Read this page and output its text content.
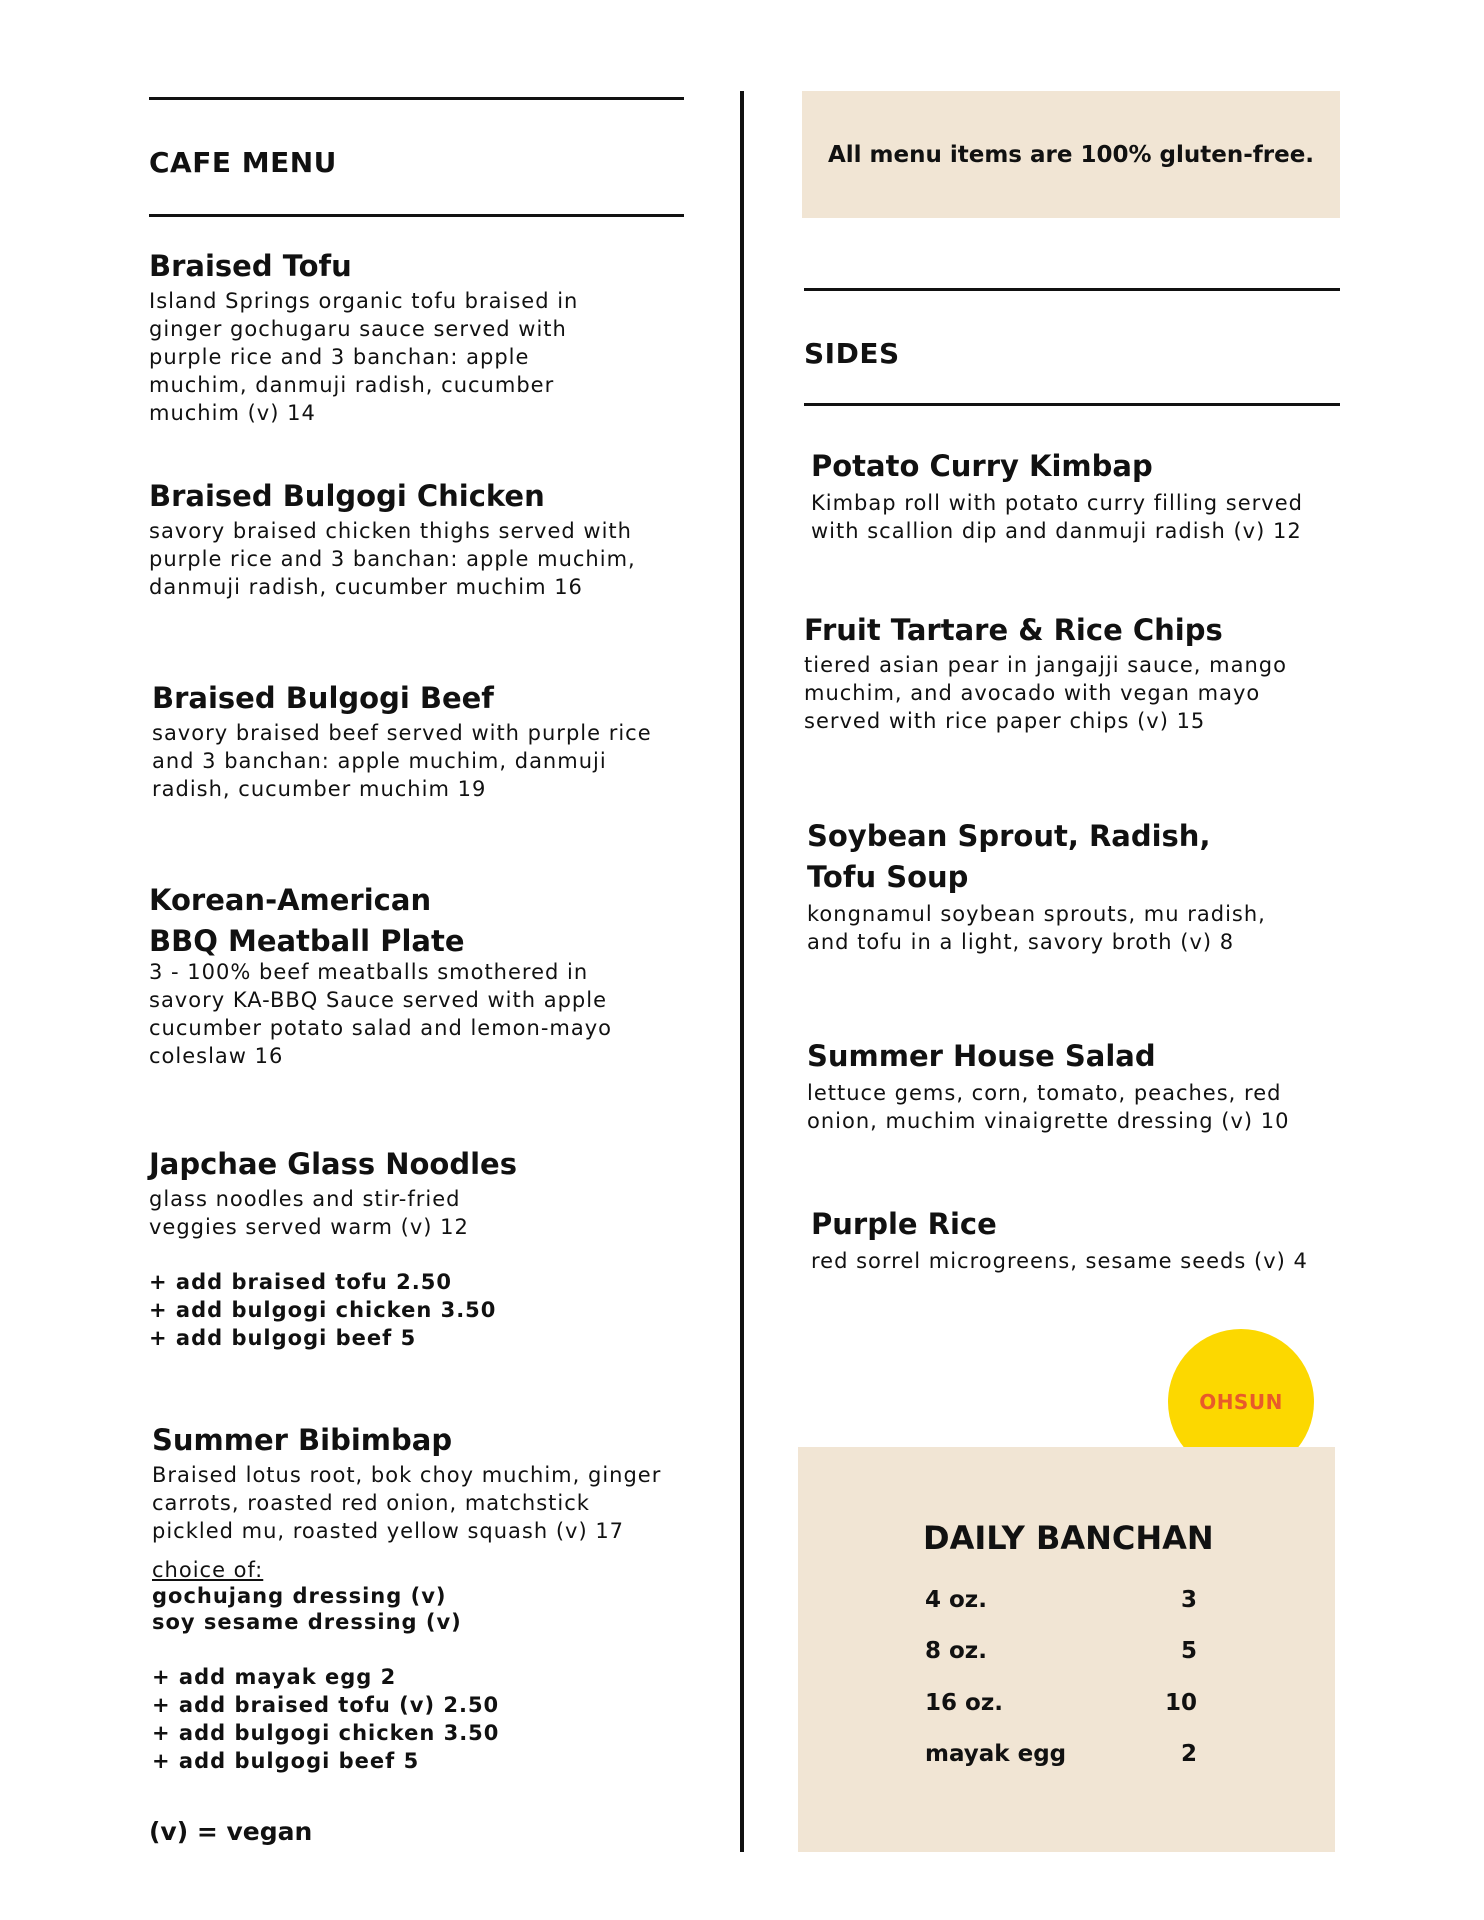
CAFE MENU
Braised Tofu
Island Springs organic tofu braised in
ginger gochugaru sauce served with
purple rice and 3 banchan: apple
muchim, danmuji radish, cucumber
muchim (v) 14
Braised Bulgogi Chicken
savory braised chicken thighs served with
purple rice and 3 banchan: apple muchim,
danmuji radish, cucumber muchim 16
Braised Bulgogi Beef
savory braised beef served with purple rice
and 3 banchan: apple muchim, danmuji
radish, cucumber muchim 19
Korean-American
BBQ Meatball Plate
3 - 100% beef meatballs smothered in
savory KA-BBQ Sauce served with apple
cucumber potato salad and lemon-mayo
coleslaw 16
Japchae Glass Noodles
glass noodles and stir-fried
veggies served warm (v) 12
+ add braised tofu 2.50
+ add bulgogi chicken 3.50
+ add bulgogi beef 5
Summer Bibimbap
Braised lotus root, bok choy muchim, ginger
carrots, roasted red onion, matchstick
pickled mu, roasted yellow squash (v) 17
choice of:
gochujang dressing (v)
soy sesame dressing (v)
+ add mayak egg 2
+ add braised tofu (v) 2.50
+ add bulgogi chicken 3.50
+ add bulgogi beef 5
(v) = vegan
All menu items are 100% gluten-free.
SIDES
Potato Curry Kimbap
Kimbap roll with potato curry filling served
with scallion dip and danmuji radish (v) 12
Fruit Tartare & Rice Chips
tiered asian pear in jangajji sauce, mango
muchim, and avocado with vegan mayo
served with rice paper chips (v) 15
Soybean Sprout, Radish,
Tofu Soup
kongnamul soybean sprouts, mu radish,
and tofu in a light, savory broth (v) 8
Summer House Salad
lettuce gems, corn, tomato, peaches, red
onion, muchim vinaigrette dressing (v) 10
Purple Rice
red sorrel microgreens, sesame seeds (v) 4
OHSUN
DAILY BANCHAN
4 oz.	3
8 oz.	5
16 oz.	10
mayak egg	2
